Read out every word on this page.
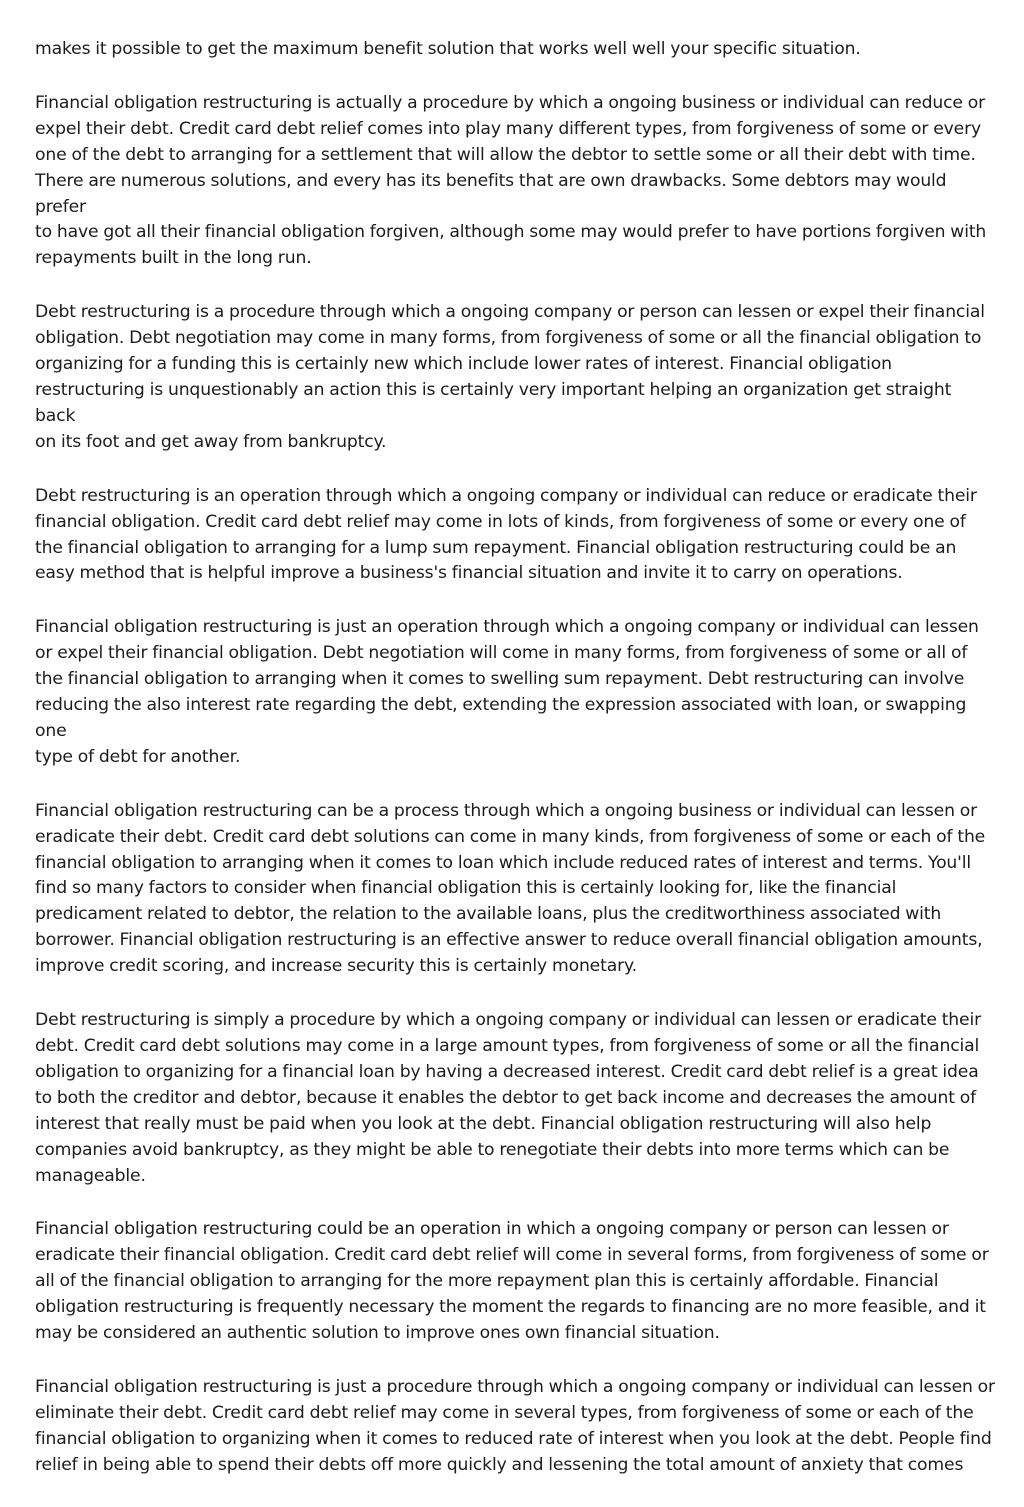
makes it possible to get the maximum benefit solution that works well well your specific situation.

Financial obligation restructuring is actually a procedure by which a ongoing business or individual can reduce or
expel their debt. Credit card debt relief comes into play many different types, from forgiveness of some or every
one of the debt to arranging for a settlement that will allow the debtor to settle some or all their debt with time.
There are numerous solutions, and every has its benefits that are own drawbacks. Some debtors may would prefer
to have got all their financial obligation forgiven, although some may would prefer to have portions forgiven with
repayments built in the long run.

Debt restructuring is a procedure through which a ongoing company or person can lessen or expel their financial
obligation. Debt negotiation may come in many forms, from forgiveness of some or all the financial obligation to
organizing for a funding this is certainly new which include lower rates of interest. Financial obligation
restructuring is unquestionably an action this is certainly very important helping an organization get straight back
on its foot and get away from bankruptcy.

Debt restructuring is an operation through which a ongoing company or individual can reduce or eradicate their
financial obligation. Credit card debt relief may come in lots of kinds, from forgiveness of some or every one of
the financial obligation to arranging for a lump sum repayment. Financial obligation restructuring could be an
easy method that is helpful improve a business's financial situation and invite it to carry on operations.

Financial obligation restructuring is just an operation through which a ongoing company or individual can lessen
or expel their financial obligation. Debt negotiation will come in many forms, from forgiveness of some or all of
the financial obligation to arranging when it comes to swelling sum repayment. Debt restructuring can involve
reducing the also interest rate regarding the debt, extending the expression associated with loan, or swapping one
type of debt for another.

Financial obligation restructuring can be a process through which a ongoing business or individual can lessen or
eradicate their debt. Credit card debt solutions can come in many kinds, from forgiveness of some or each of the
financial obligation to arranging when it comes to loan which include reduced rates of interest and terms. You'll
find so many factors to consider when financial obligation this is certainly looking for, like the financial
predicament related to debtor, the relation to the available loans, plus the creditworthiness associated with
borrower. Financial obligation restructuring is an effective answer to reduce overall financial obligation amounts,
improve credit scoring, and increase security this is certainly monetary.

Debt restructuring is simply a procedure by which a ongoing company or individual can lessen or eradicate their
debt. Credit card debt solutions may come in a large amount types, from forgiveness of some or all the financial
obligation to organizing for a financial loan by having a decreased interest. Credit card debt relief is a great idea
to both the creditor and debtor, because it enables the debtor to get back income and decreases the amount of
interest that really must be paid when you look at the debt. Financial obligation restructuring will also help
companies avoid bankruptcy, as they might be able to renegotiate their debts into more terms which can be
manageable.

Financial obligation restructuring could be an operation in which a ongoing company or person can lessen or
eradicate their financial obligation. Credit card debt relief will come in several forms, from forgiveness of some or
all of the financial obligation to arranging for the more repayment plan this is certainly affordable. Financial
obligation restructuring is frequently necessary the moment the regards to financing are no more feasible, and it
may be considered an authentic solution to improve ones own financial situation.

Financial obligation restructuring is just a procedure through which a ongoing company or individual can lessen or
eliminate their debt. Credit card debt relief may come in several types, from forgiveness of some or each of the
financial obligation to organizing when it comes to reduced rate of interest when you look at the debt. People find
relief in being able to spend their debts off more quickly and lessening the total amount of anxiety that comes
